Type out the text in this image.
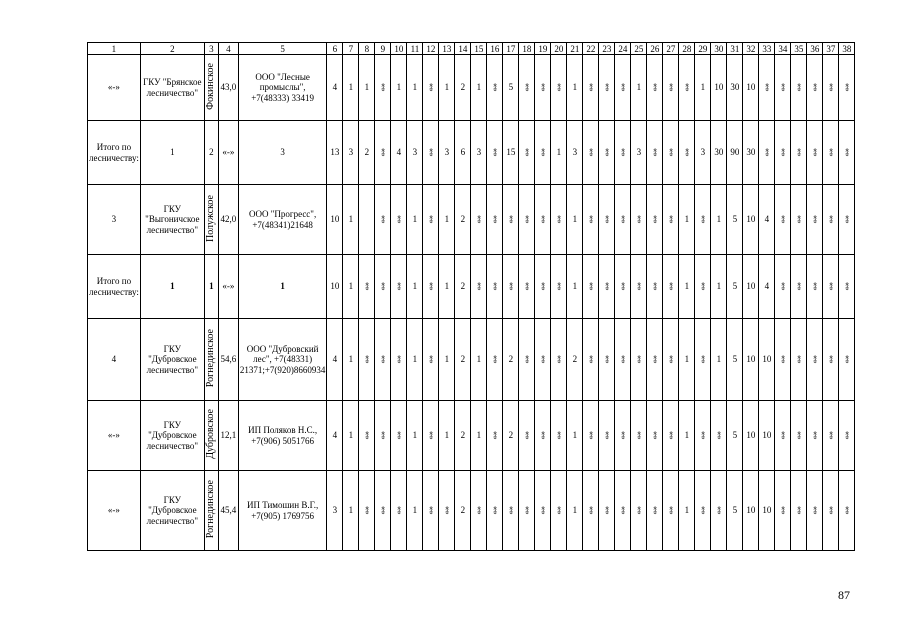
1	2	3	4	5	6	7	8	9	10	11	12	13	14	15	16	17	18	19	20	21	22	23	24	25	26	27	28	29	30	31	32	33	34	35	36	37	38

«-»	ГКУ "Брянское лесничество"	Фокинское	43,0	ООО "Лесные промыслы", +7(48333) 33419	4	1	1	«-»	1	1	«-»	1	2	1	«-»	5	«-»	«-»	«-»	1	«-»	«-»	«-»	1	«-»	«-»	«-»	1	10	30	10	«-»	«-»	«-»	«-»	«-»	«-»

Итого по лесничеству:	1	2	«-»	3	13	3	2	«-»	4	3	«-»	3	6	3	«-»	15	«-»	«-»	1	3	«-»	«-»	«-»	3	«-»	«-»	«-»	3	30	90	30	«-»	«-»	«-»	«-»	«-»	«-»

3	ГКУ "Выгоничское лесничество"	Полужское	42,0	ООО "Прогресс", +7(48341)21648	10	1		«-»	«-»	1	«-»	1	2	«-»	«-»	«-»	«-»	«-»	«-»	1	«-»	«-»	«-»	«-»	«-»	«-»	1	«-»	1	5	10	4	«-»	«-»	«-»	«-»	«-»

Итого по лесничеству:	1	1	«-»	1	10	1	«-»	«-»	«-»	1	«-»	1	2	«-»	«-»	«-»	«-»	«-»	«-»	1	«-»	«-»	«-»	«-»	«-»	«-»	1	«-»	1	5	10	4	«-»	«-»	«-»	«-»	«-»

4	ГКУ "Дубровское лесничество"	Рогнединское	54,6	ООО "Дубровский лес", +7(48331) 21371;+7(920)8660934	4	1	«-»	«-»	«-»	1	«-»	1	2	1	«-»	2	«-»	«-»	«-»	2	«-»	«-»	«-»	«-»	«-»	«-»	1	«-»	1	5	10	10	«-»	«-»	«-»	«-»	«-»

«-»	ГКУ "Дубровское лесничество"	Дубровское	12,1	ИП Поляков Н.С., +7(906) 5051766	4	1	«-»	«-»	«-»	1	«-»	1	2	1	«-»	2	«-»	«-»	«-»	1	«-»	«-»	«-»	«-»	«-»	«-»	1	«-»	«-»	5	10	10	«-»	«-»	«-»	«-»	«-»

«-»	ГКУ "Дубровское лесничество"	Рогнединское	45,4	ИП Тимошин В.Г., +7(905) 1769756	3	1	«-»	«-»	«-»	1	«-»	«-»	2	«-»	«-»	«-»	«-»	«-»	«-»	1	«-»	«-»	«-»	«-»	«-»	«-»	1	«-»	«-»	5	10	10	«-»	«-»	«-»	«-»	«-»
87
